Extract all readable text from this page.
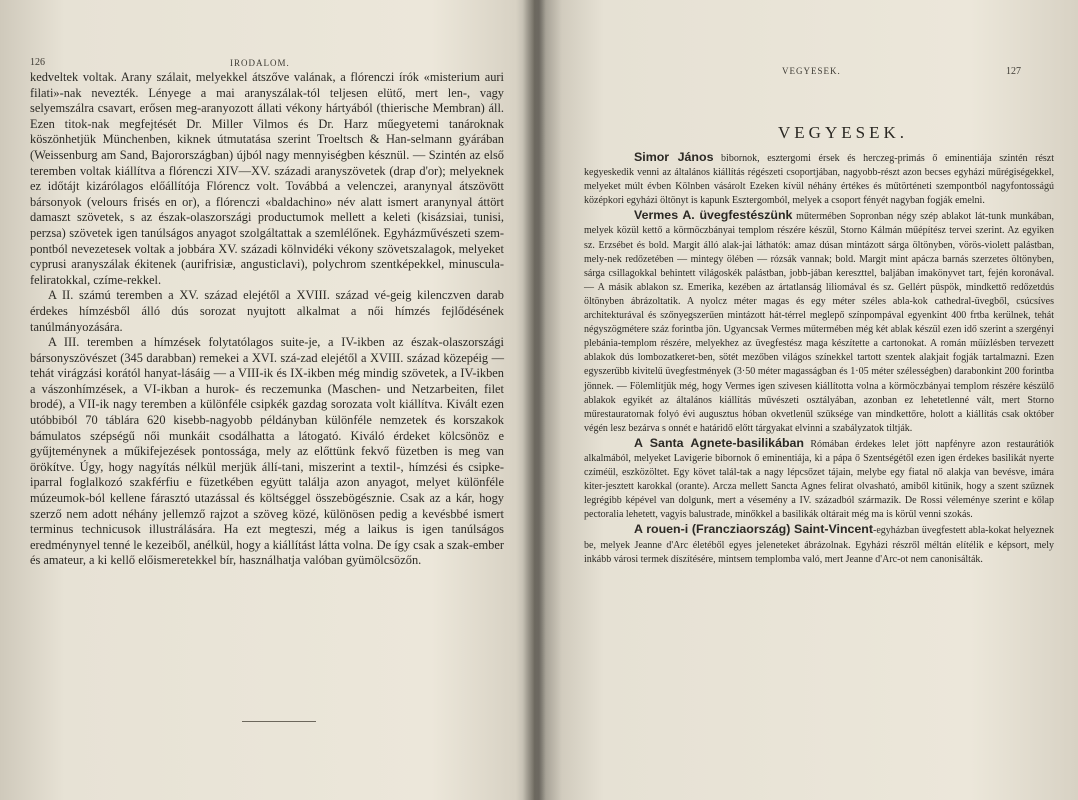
126	IRODALOM.

kedveltek voltak. Arany szálait, melyekkel átszőve valának, a flórenczi írók «misterium auri filati»-nak nevezték. Lényege a mai aranyszálak-tól teljesen elütő, mert len-, vagy selyemszálra csavart, erősen meg-aranyozott állati vékony hártyából (thierische Membran) áll. Ezen titok-nak megfejtését Dr. Miller Vilmos és Dr. Harz műegyetemi tanároknak köszönhetjük Münchenben, kiknek útmutatása szerint Troeltsch & Han-selmann gyárában (Weissenburg am Sand, Bajorországban) újból nagy mennyiségben késznül. — Szintén az első teremben voltak kiállítva a flórenczi XIV—XV. századi aranyszövetek (drap d'or); melyeknek ez időtájt kizárólagos előállítója Flórencz volt. Továbbá a velenczei, aranynyal átszövött bársonyok (velours frisés en or), a flórenczi «baldachino» név alatt ismert aranynyal áttört damaszt szövetek, s az észak-olaszországi productumok mellett a keleti (kisázsiai, tunisi, perzsa) szövetek igen tanúlságos anyagot szolgáltattak a szemlélőnek. Egyházművészeti szem-pontból nevezetesek voltak a jobbára XV. századi kölnvidéki vékony szövetszalagok, melyeket cyprusi aranyszálak ékitenek (aurifrisiæ, angusticlavi), polychrom szentképekkel, minuscula-feliratokkal, czíme-rekkel.

A II. számú teremben a XV. század elejétől a XVIII. század vé-geig kilenczven darab érdekes hímzésből álló dús sorozat nyujtott alkalmat a női hímzés fejlődésének tanúlmányozására.

A III. teremben a hímzések folytatólagos suite-je, a IV-ikben az észak-olaszországi bársonyszövészet (345 darabban) remekei a XVI. szá-zad elejétől a XVIII. század közepéig — tehát virágzási korától hanyat-lásáig — a VIII-ik és IX-ikben még mindig szövetek, a IV-ikben a vászonhímzések, a VI-ikban a hurok- és reczemunka (Maschen- und Netzarbeiten, filet brodé), a VII-ik nagy teremben a különféle csipkék gazdag sorozata volt kiállítva. Kivált ezen utóbbiból 70 táblára 620 kisebb-nagyobb példányban különféle nemzetek és korszakok bámulatos szépségű női munkáit csodálhatta a látogató. Kiváló érdeket kölcsönöz e gyűjteménynek a műkifejezések pontossága, mely az előttünk fekvő füzetben is meg van örökítve. Úgy, hogy nagyítás nélkül merjük állí-tani, miszerint a textil-, hímzési és csipke-iparral foglalkozó szakférfiu e füzetkében együtt találja azon anyagot, melyet különféle múzeumok-ból kellene fárasztó utazással és költséggel összebögésznie. Csak az a kár, hogy szerző nem adott néhány jellemző rajzot a szöveg közé, különösen pedig a kevésbbé ismert terminus technicusok illustrálására. Ha ezt megteszi, még a laikus is igen tanúlságos eredménynyel tenné le kezeiből, anélkül, hogy a kiállítást látta volna. De így csak a szak-ember és amateur, a ki kellő előismeretekkel bír, használhatja valóban gyümölcsözőn.

VEGYESEK.	127
VEGYESEK.

Simor János bibornok, esztergomi érsek és herczeg-primás ő eminentiája szintén részt kegyeskedik venni az általános kiállítás régészeti csoportjában, nagyobb-részt azon becses egyházi műrégiségekkel, melyeket múlt évben Kölnben vásárolt Ezeken kívül néhány értékes és műtörténeti szempontból nagyfontosságú középkori egyházi öltönyt is kapunk Esztergomból, melyek a csoport fényét nagyban fogják emelni.

Vermes A. üvegfestészünk műtermében Sopronban négy szép ablakot lát-tunk munkában, melyek közül kettő a körmöczbányai templom részére készül, Storno Kálmán műépítész tervei szerint. Az egyiken sz. Erzsébet és bold. Margit álló alak-jai láthatók: amaz dúsan mintázott sárga öltönyben, vörös-violett palástban, mely-nek redőzetében — mintegy ölében — rózsák vannak; bold. Margit mint apácza barnás szerzetes öltönyben, sárga csillagokkal behintett világoskék palástban, jobb-jában kereszttel, baljában imakönyvet tart, fején koronával. — A másik ablakon sz. Emerika, kezében az ártatlanság liliomával és sz. Gellért püspök, mindkettő redőzetdús öltönyben ábrázoltatik. A nyolcz méter magas és egy méter széles abla-kok cathedral-üvegből, csúcsíves architekturával és szőnyegszerűen mintázott hát-térrel meglepő színpompával egyenkint 400 frtba kerülnek, tehát négyszögmétere száz forintba jön. Ugyancsak Vermes műtermében még két ablak készül ezen idő szerint a szergényi plebánia-templom részére, melyekhez az üvegfestész maga készítette a cartonokat. A román műízlésben tervezett ablakok dús lombozatkeret-ben, sötét mezőben világos színekkel tartott szentek alakjait fogják tartalmazni. Ezen egyszerűbb kivitelű üvegfestmények (3·50 méter magasságban és 1·05 méter szélességben) darabonkint 200 forintba jönnek. — Fölemlítjük még, hogy Vermes igen szivesen kiállította volna a körmöczbányai templom részére készülő ablakok egyikét az általános kiállítás művészeti osztályában, azonban ez lehetetlenné vált, mert Storno műrestauratornak folyó évi augusztus hóban okvetlenül szüksége van mindkettőre, holott a kiállítás csak október végén lesz bezárva s onnét e határidő előtt tárgyakat elvinni a szabályzatok tiltják.

A Santa Agnete-basilikában Rómában érdekes lelet jött napfényre azon restaurátiók alkalmából, melyeket Lavigerie bibornok ő eminentiája, ki a pápa ő Szentségétől ezen igen érdekes basilikát nyerte czíméül, eszközöltet. Egy követ talál-tak a nagy lépcsőzet tájain, melybe egy fiatal nő alakja van bevésve, imára kiter-jesztett karokkal (orante). Arcza mellett Sancta Agnes felirat olvasható, amiből kitűnik, hogy a szent szűznek legrégibb képével van dolgunk, mert a vésemény a IV. századból származik. De Rossi véleménye szerint e kőlap pectoralia lehetett, vagyis balustrade, minőkkel a basilikák oltárait még ma is körül venni szokás.

A rouen-i (Francziaország) Saint-Vincent-egyházban üvegfestett abla-kokat helyeznek be, melyek Jeanne d'Arc életéből egyes jeleneteket ábrázolnak. Egyházi részről méltán elítélik e képsort, mely inkább városi termek díszítésére, mintsem templomba való, mert Jeanne d'Arc-ot nem canonisálták.
